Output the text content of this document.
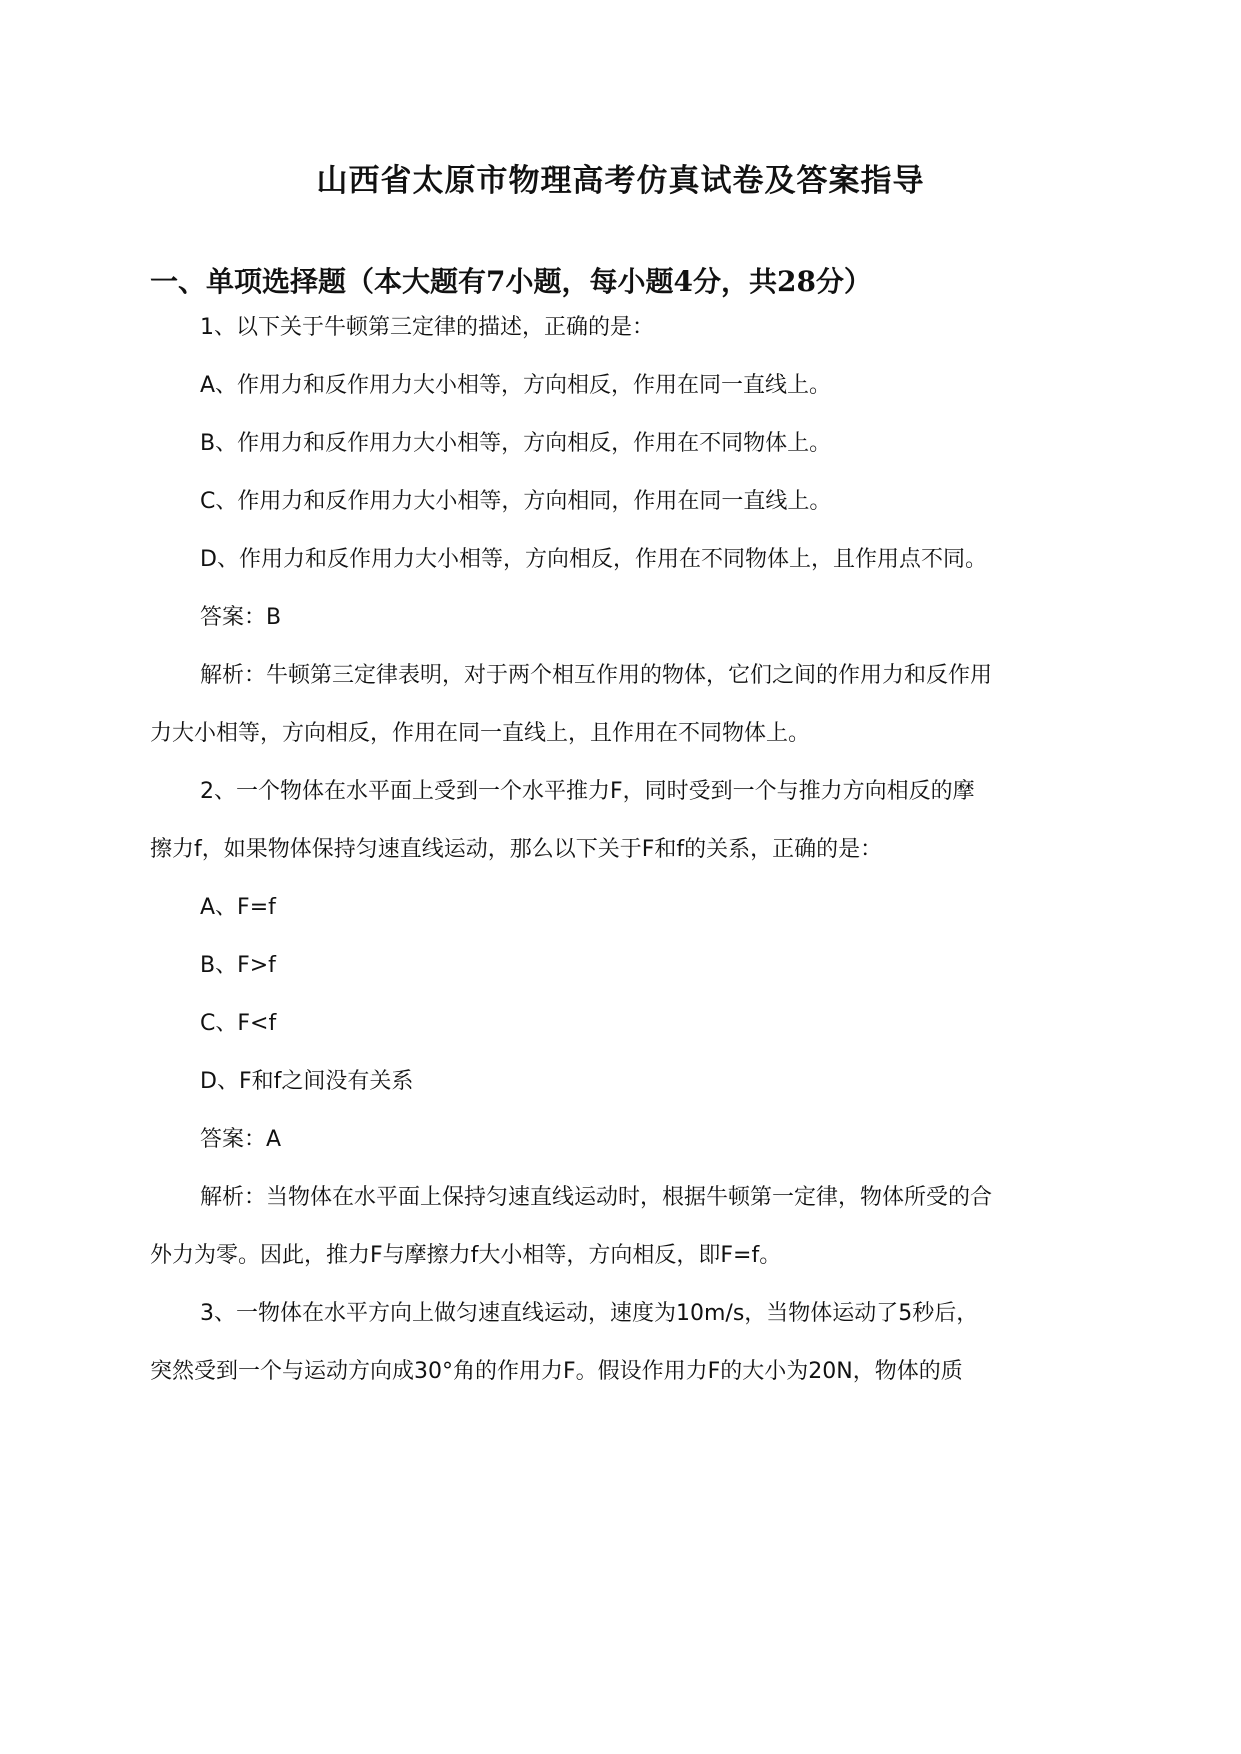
山西省太原市物理高考仿真试卷及答案指导
一、单项选择题（本大题有7小题，每小题4分，共28分）

1、以下关于牛顿第三定律的描述，正确的是：

A、作用力和反作用力大小相等，方向相反，作用在同一直线上。

B、作用力和反作用力大小相等，方向相反，作用在不同物体上。

C、作用力和反作用力大小相等，方向相同，作用在同一直线上。

D、作用力和反作用力大小相等，方向相反，作用在不同物体上，且作用点不同。

答案：B

解析：牛顿第三定律表明，对于两个相互作用的物体，它们之间的作用力和反作用

力大小相等，方向相反，作用在同一直线上，且作用在不同物体上。

2、一个物体在水平面上受到一个水平推力F，同时受到一个与推力方向相反的摩

擦力f，如果物体保持匀速直线运动，那么以下关于F和f的关系，正确的是：

A、F=f

B、F>f

C、F<f

D、F和f之间没有关系

答案：A

解析：当物体在水平面上保持匀速直线运动时，根据牛顿第一定律，物体所受的合

外力为零。因此，推力F与摩擦力f大小相等，方向相反，即F=f。

3、一物体在水平方向上做匀速直线运动，速度为10m/s，当物体运动了5秒后，

突然受到一个与运动方向成30°角的作用力F。假设作用力F的大小为20N，物体的质
